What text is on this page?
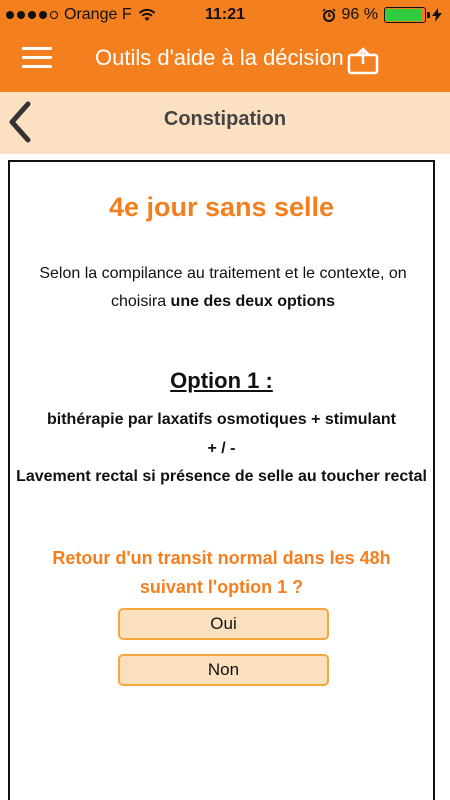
Orange F	11:21	96 %
Outils d'aide à la décision
Constipation
4e jour sans selle
Selon la compilance au traitement et le contexte, on choisira une des deux options
Option 1 :
bithérapie par laxatifs osmotiques + stimulant
+ / -
Lavement rectal si présence de selle au toucher rectal
Retour d'un transit normal dans les 48h suivant l'option 1 ?
Oui
Non
